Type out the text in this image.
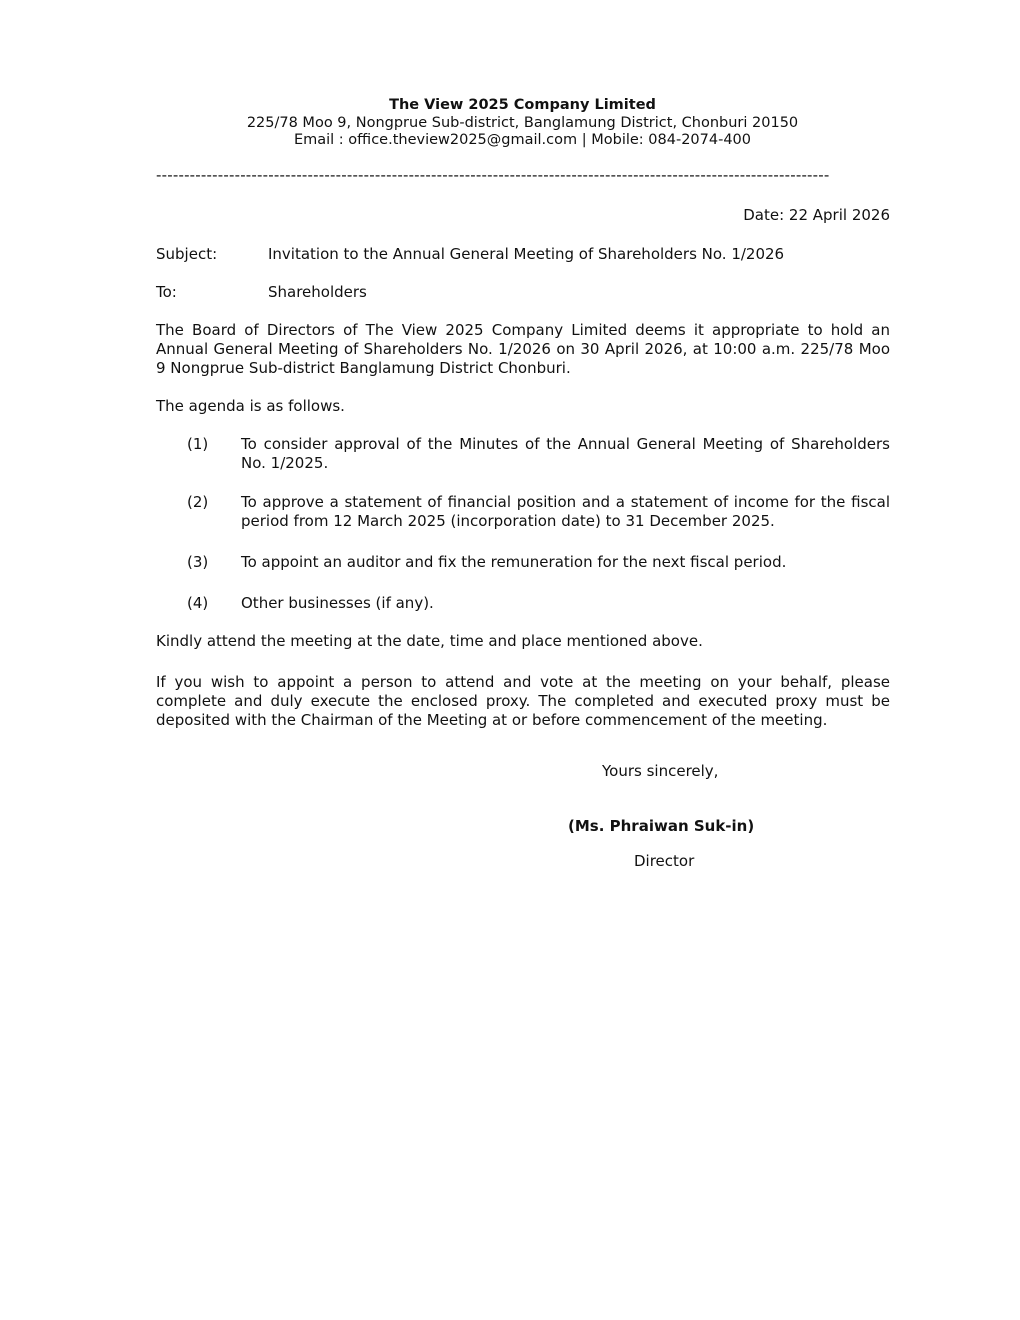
The View 2025 Company Limited
225/78 Moo 9, Nongprue Sub-district, Banglamung District, Chonburi 20150
Email : office.theview2025@gmail.com | Mobile: 084-2074-400
------------------------------------------------------------------------------------------------------------------------
Date: 22 April 2026
Subject:	Invitation to the Annual General Meeting of Shareholders No. 1/2026
To:	Shareholders
The Board of Directors of The View 2025 Company Limited deems it appropriate to hold an Annual General Meeting of Shareholders No. 1/2026 on 30 April 2026, at 10:00 a.m. 225/78 Moo 9 Nongprue Sub-district Banglamung District Chonburi.
The agenda is as follows.
(1) To consider approval of the Minutes of the Annual General Meeting of Shareholders No. 1/2025.
(2) To approve a statement of financial position and a statement of income for the fiscal period from 12 March 2025 (incorporation date) to 31 December 2025.
(3) To appoint an auditor and fix the remuneration for the next fiscal period.
(4) Other businesses (if any).
Kindly attend the meeting at the date, time and place mentioned above.
If you wish to appoint a person to attend and vote at the meeting on your behalf, please complete and duly execute the enclosed proxy. The completed and executed proxy must be deposited with the Chairman of the Meeting at or before commencement of the meeting.
Yours sincerely,
(Ms. Phraiwan Suk-in)
Director
